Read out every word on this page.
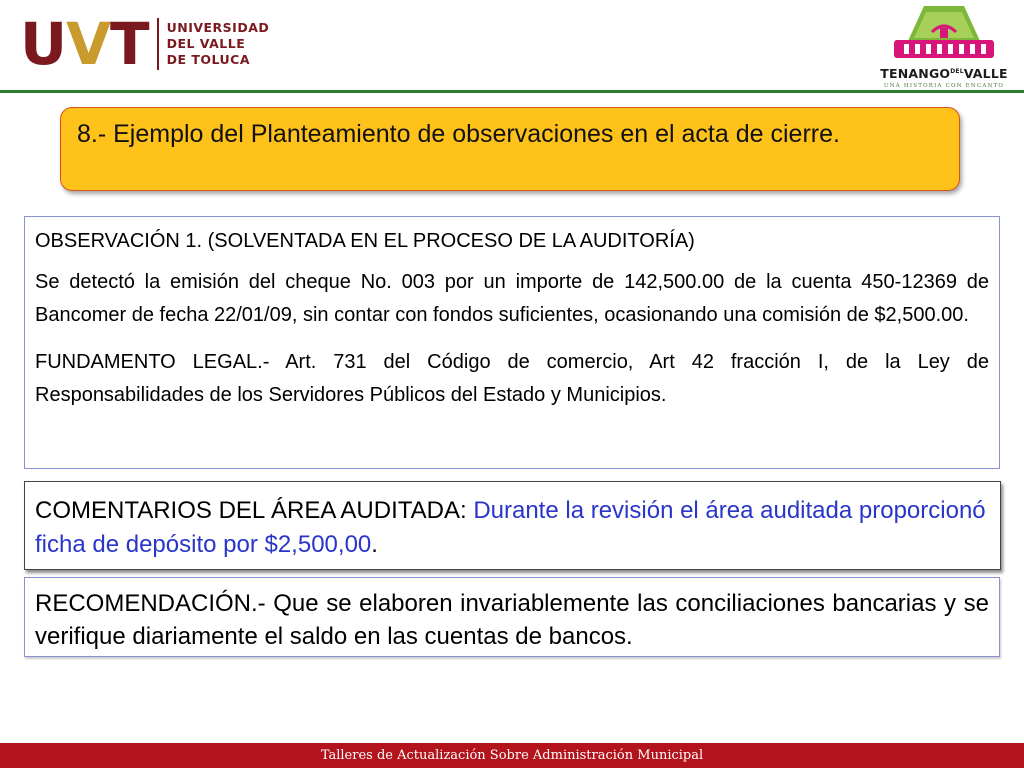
UVT UNIVERSIDAD
DEL VALLE
DE TOLUCA
$TENANGO^{DEL}VALLE$
UNA HISTORIA CON ENCANTO
8.- Ejemplo del Planteamiento de observaciones en el acta de cierre.

OBSERVACIÓN 1. (SOLVENTADA EN EL PROCESO DE LA AUDITORÍA)

Se detectó la emisión del cheque No. 003 por un importe de 142,500.00 de la cuenta 450-12369 de Bancomer de fecha 22/01/09, sin contar con fondos suficientes, ocasionando una comisión de $2,500.00.

FUNDAMENTO LEGAL.- Art. 731 del Código de comercio, Art 42 fracción I, de la Ley de Responsabilidades de los Servidores Públicos del Estado y Municipios.

COMENTARIOS DEL ÁREA AUDITADA: Durante la revisión el área auditada proporcionó ficha de depósito por $2,500,00.
RECOMENDACIÓN.- Que se elaboren invariablemente las conciliaciones bancarias y se verifique diariamente el saldo en las cuentas de bancos.
Talleres de Actualización Sobre Administración Municipal
